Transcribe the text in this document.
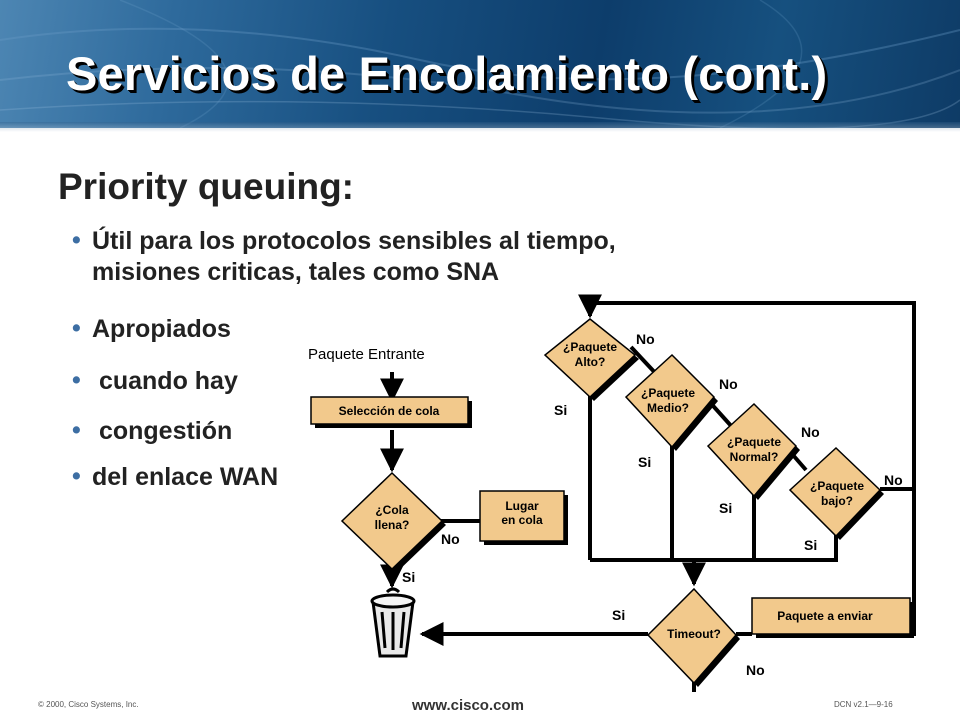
Servicios de Encolamiento (cont.)
Priority queuing:
• Útil para los protocolos sensibles al tiempo,
misiones criticas, tales como SNA
• Apropiados
• cuando hay
• congestión
• del enlace WAN
Selección de cola
¿Cola
llena?
Lugar
en cola
¿Paquete
Alto?
¿Paquete
Medio?
¿Paquete
Normal?
¿Paquete
bajo?
Timeout?
Paquete a enviar
Paquete Entrante
No
Si
No
No
No
No
Si
Si
Si
Si
Si
No
© 2000, Cisco Systems, Inc.	www.cisco.com	DCN v2.1—9-16
